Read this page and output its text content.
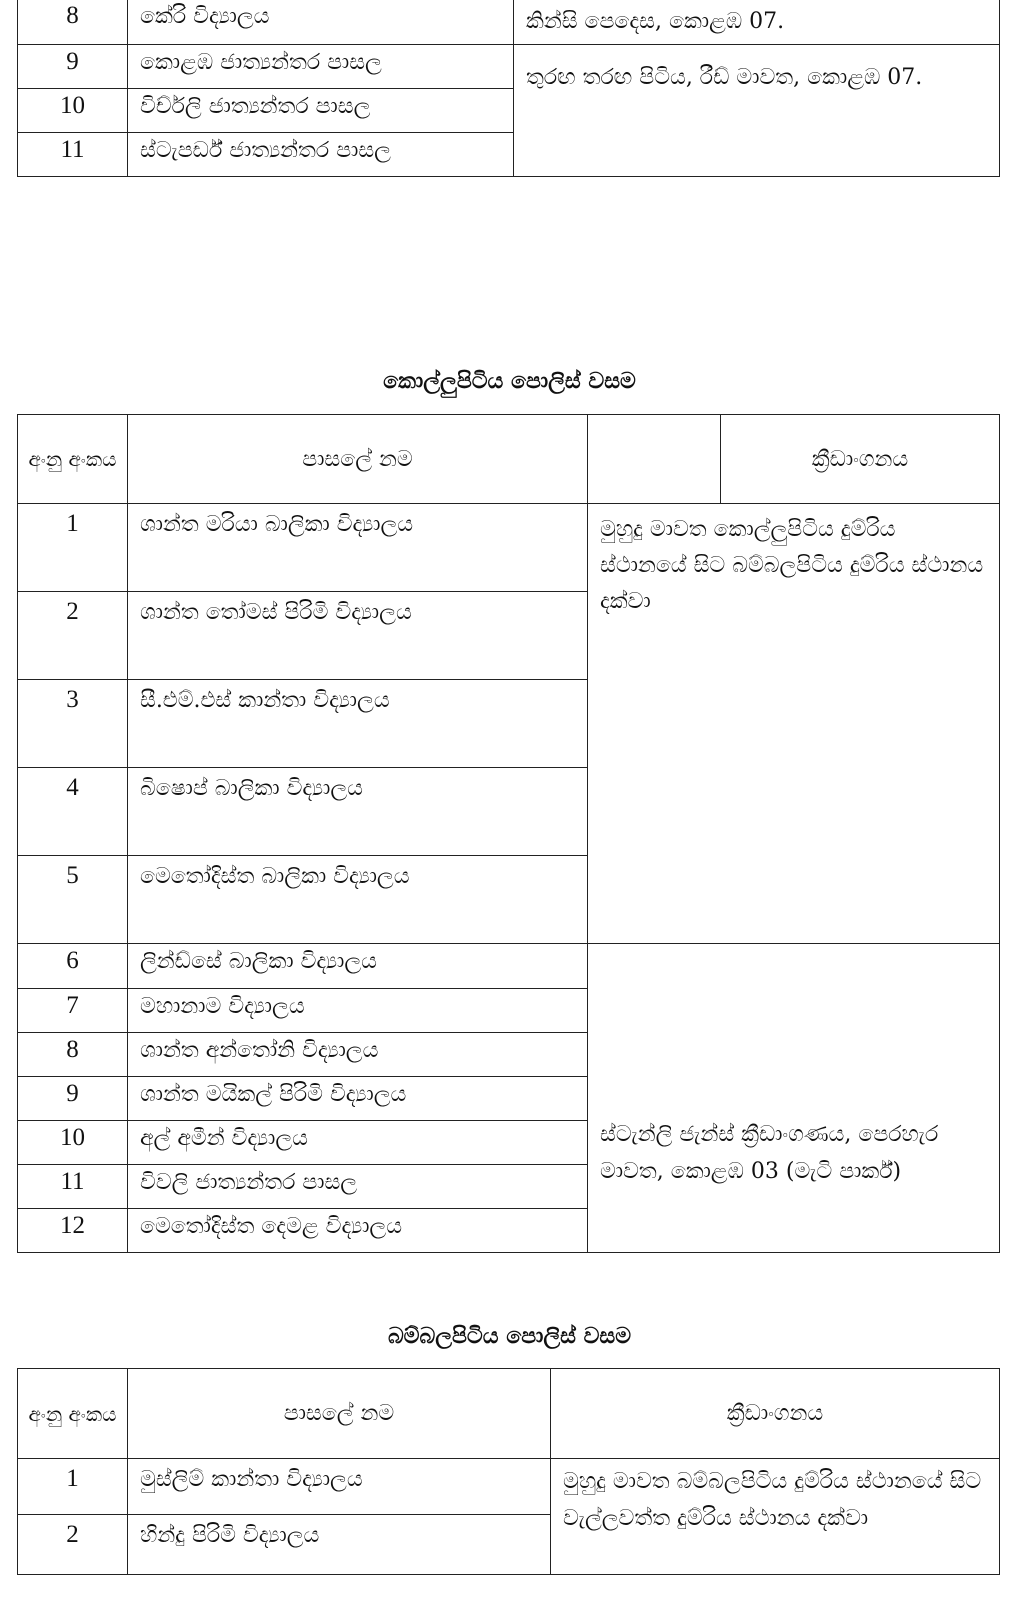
8	කේරි විද්‍යාලය	කින්සි පෙදෙස, කොළඹ 07.
9	කොළඹ ජාත්‍යන්තර පාසල	තුරඟ තරඟ පිටිය, රීඩ් මාවත, කොළඹ 07.
10	විච්ර්ලි ජාත්‍යන්තර පාසල	
11	ස්ටැපර්ඩ් ජාත්‍යන්තර පාසල	
කොල්ලුපිටිය පොලිස් වසම
අංනු අංකය	පාසලේ නම		ක්‍රීඩාංගනය
1	ශාන්ත මරියා බාලිකා විද්‍යාලය	මුහුදු මාවත කොල්ලුපිටිය දුම්රිය ස්ථානයේ සිට බම්බලපිටිය දුම්රිය ස්ථානය දක්වා	
2	ශාන්ත තෝමස් පිරිමි විද්‍යාලය		
3	සී.එම්.එස් කාන්තා විද්‍යාලය		
4	බිෂොප් බාලිකා විද්‍යාලය		
5	මෙතෝදිස්ත බාලිකා විද්‍යාලය		
6	ලින්ඩ්සේ බාලිකා විද්‍යාලය	ස්ටැන්ලි ජැන්ස් ක්‍රීඩාංගණය, පෙරහැර මාවත, කොළඹ 03 (මැටි පාර්ක්)	
7	මහානාම විද්‍යාලය		
8	ශාන්ත අන්තෝනි විද්‍යාලය		
9	ශාන්ත මයිකල් පිරිමි විද්‍යාලය		
10	අල් අමීන් විද්‍යාලය		
11	විවලි ජාත්‍යන්තර පාසල		
12	මෙතෝදිස්ත දෙමළ විද්‍යාලය		
බම්බලපිටිය පොලිස් වසම
අංනු අංකය	පාසලේ නම	ක්‍රීඩාංගනය
1	මුස්ලිම් කාන්තා විද්‍යාලය	මුහුදු මාවත බම්බලපිටිය දුම්රිය ස්ථානයේ සිට වැල්ලවත්ත දුම්රිය ස්ථානය දක්වා
2	හින්දු පිරිමි විද්‍යාලය	
